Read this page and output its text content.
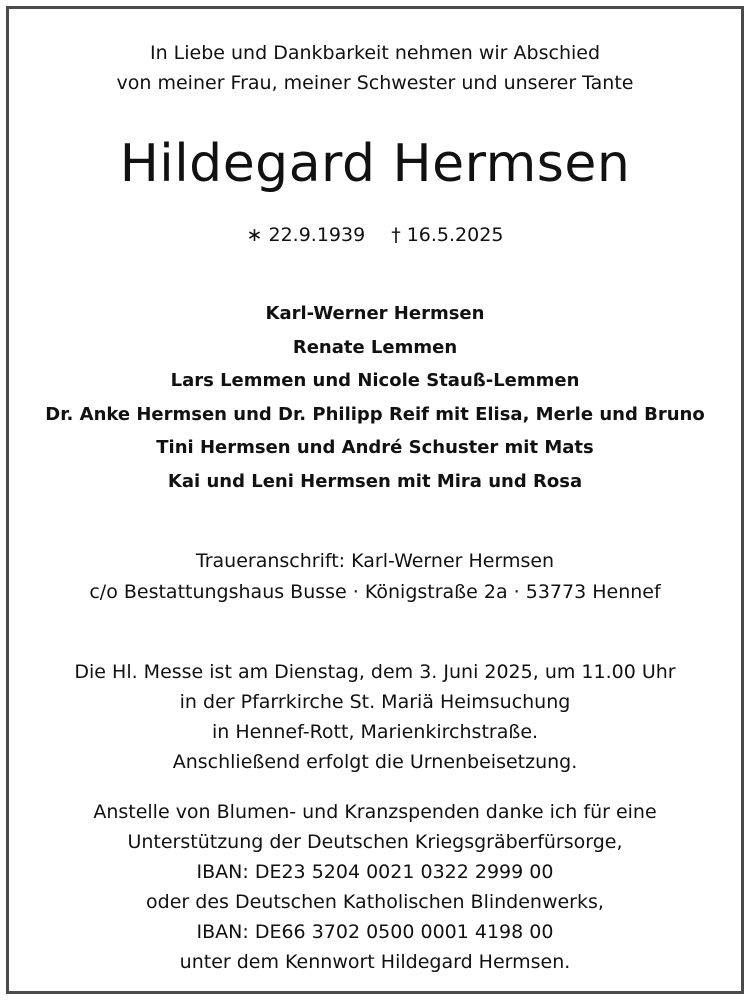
In Liebe und Dankbarkeit nehmen wir Abschied
von meiner Frau, meiner Schwester und unserer Tante
Hildegard Hermsen
∗ 22.9.1939 † 16.5.2025
Karl-Werner Hermsen
Renate Lemmen
Lars Lemmen und Nicole Stauß-Lemmen
Dr. Anke Hermsen und Dr. Philipp Reif mit Elisa, Merle und Bruno
Tini Hermsen und André Schuster mit Mats
Kai und Leni Hermsen mit Mira und Rosa
Traueranschrift: Karl-Werner Hermsen
c/o Bestattungshaus Busse · Königstraße 2a · 53773 Hennef
Die Hl. Messe ist am Dienstag, dem 3. Juni 2025, um 11.00 Uhr
in der Pfarrkirche St. Mariä Heimsuchung
in Hennef-Rott, Marienkirchstraße.
Anschließend erfolgt die Urnenbeisetzung.
Anstelle von Blumen- und Kranzspenden danke ich für eine
Unterstützung der Deutschen Kriegsgräberfürsorge,
IBAN: DE23 5204 0021 0322 2999 00
oder des Deutschen Katholischen Blindenwerks,
IBAN: DE66 3702 0500 0001 4198 00
unter dem Kennwort Hildegard Hermsen.
